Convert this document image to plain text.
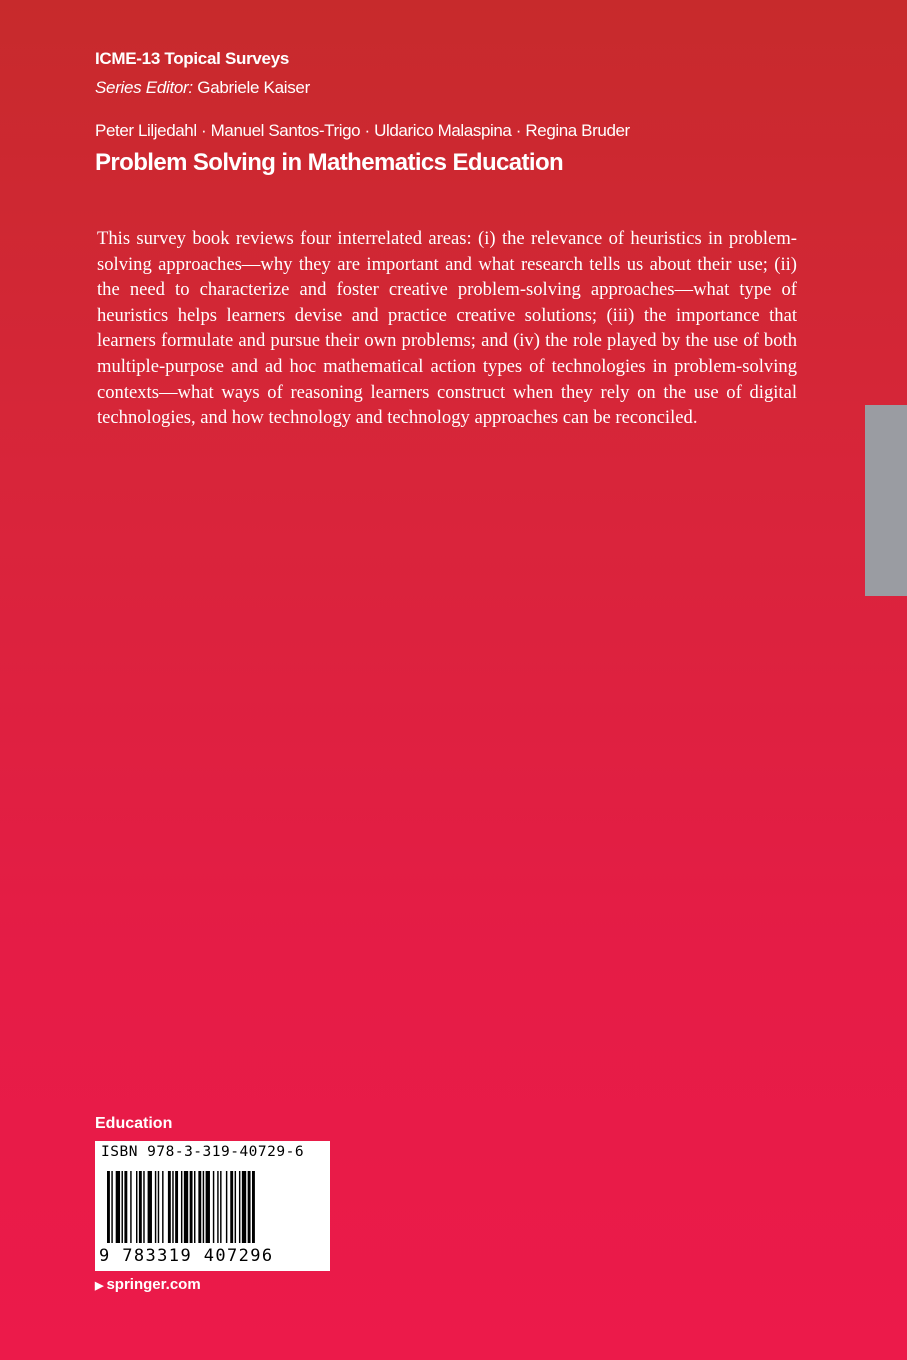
ICME-13 Topical Surveys
Series Editor: Gabriele Kaiser
Peter Liljedahl · Manuel Santos-Trigo · Uldarico Malaspina · Regina Bruder
Problem Solving in Mathematics Education
This survey book reviews four interrelated areas: (i) the relevance of heuristics in problem-solving approaches—why they are important and what research tells us about their use; (ii) the need to characterize and foster creative problem-solving approaches—what type of heuristics helps learners devise and practice creative solutions; (iii) the importance that learners formulate and pursue their own problems; and (iv) the role played by the use of both multiple-purpose and ad hoc mathematical action types of technologies in problem-solving contexts—what ways of reasoning learners construct when they rely on the use of digital technologies, and how technology and technology approaches can be reconciled.
Education
ISBN 978-3-319-40729-6
9 783319 407296
▶ springer.com
